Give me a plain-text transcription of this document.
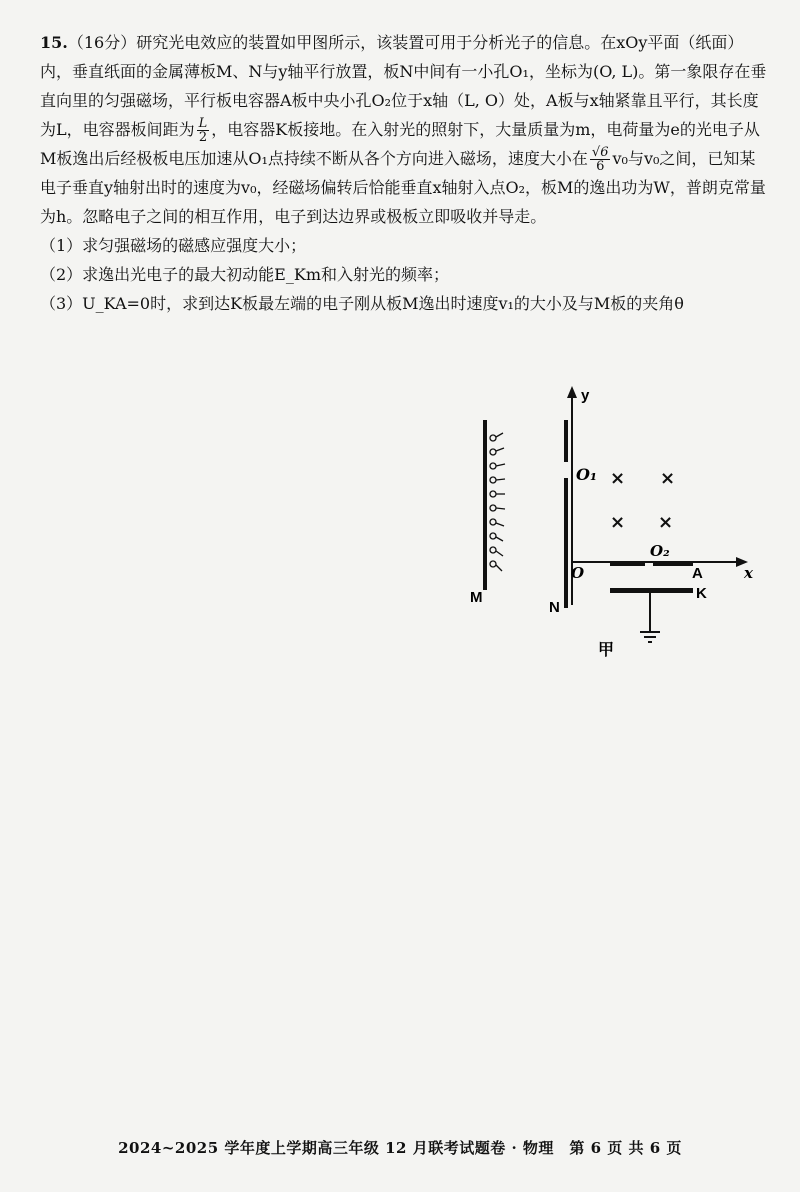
15.（16分）研究光电效应的装置如甲图所示，该装置可用于分析光子的信息。在xOy平面（纸面）内，垂直纸面的金属薄板M、N与y轴平行放置，板N中间有一小孔O₁，坐标为(O, L)。第一象限存在垂直向里的匀强磁场，平行板电容器A板中央小孔O₂位于x轴（L, O）处，A板与x轴紧靠且平行，其长度为L，电容器板间距为 $\frac{L}{2}$ ，电容器K板接地。在入射光的照射下，大量质量为m，电荷量为e的光电子从M板逸出后经极板电压加速从O₁点持续不断从各个方向进入磁场，速度大小在 $\frac{√6}{6} v_0$与v₀之间，已知某电子垂直y轴射出时的速度为v₀，经磁场偏转后恰能垂直x轴射入点O₂，板M的逸出功为W，普朗克常量为h。忽略电子之间的相互作用，电子到达边界或极板立即吸收并导走。

（1）求匀强磁场的磁感应强度大小；

（2）求逸出光电子的最大初动能E_Km和入射光的频率；

（3）U_KA=0时，求到达K板最左端的电子刚从板M逸出时速度v₁的大小及与M板的夹角θ

M
y
N
O₁
x
O
× ×
× ×
O₂
A
K
甲
2024~2025 学年度上学期高三年级 12 月联考试题卷 · 物理　第 6 页 共 6 页
